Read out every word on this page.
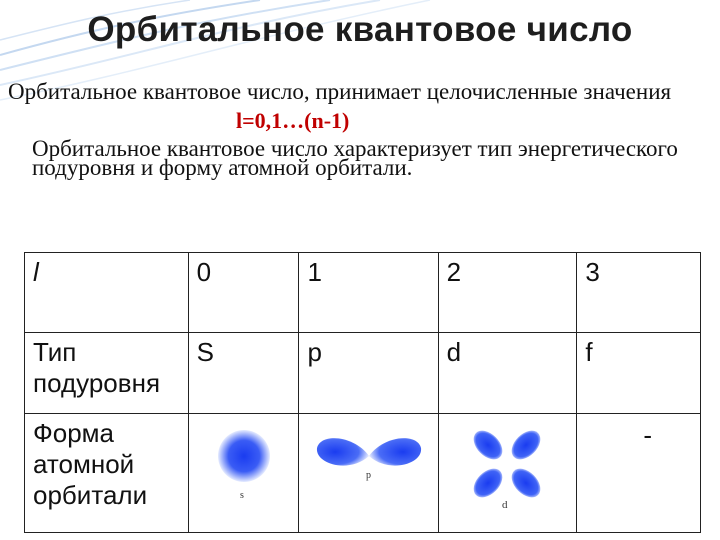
Орбитальное квантовое число

Орбитальное квантовое число, принимает целочисленные значения

l=0,1…(n-1)

Орбитальное квантовое число характеризует тип энергетического подуровня и форму атомной орбитали.

l	0	1	2	3
Тип подуровня	S	p	d	f
Форма атомной орбитали	s	p	d	-
